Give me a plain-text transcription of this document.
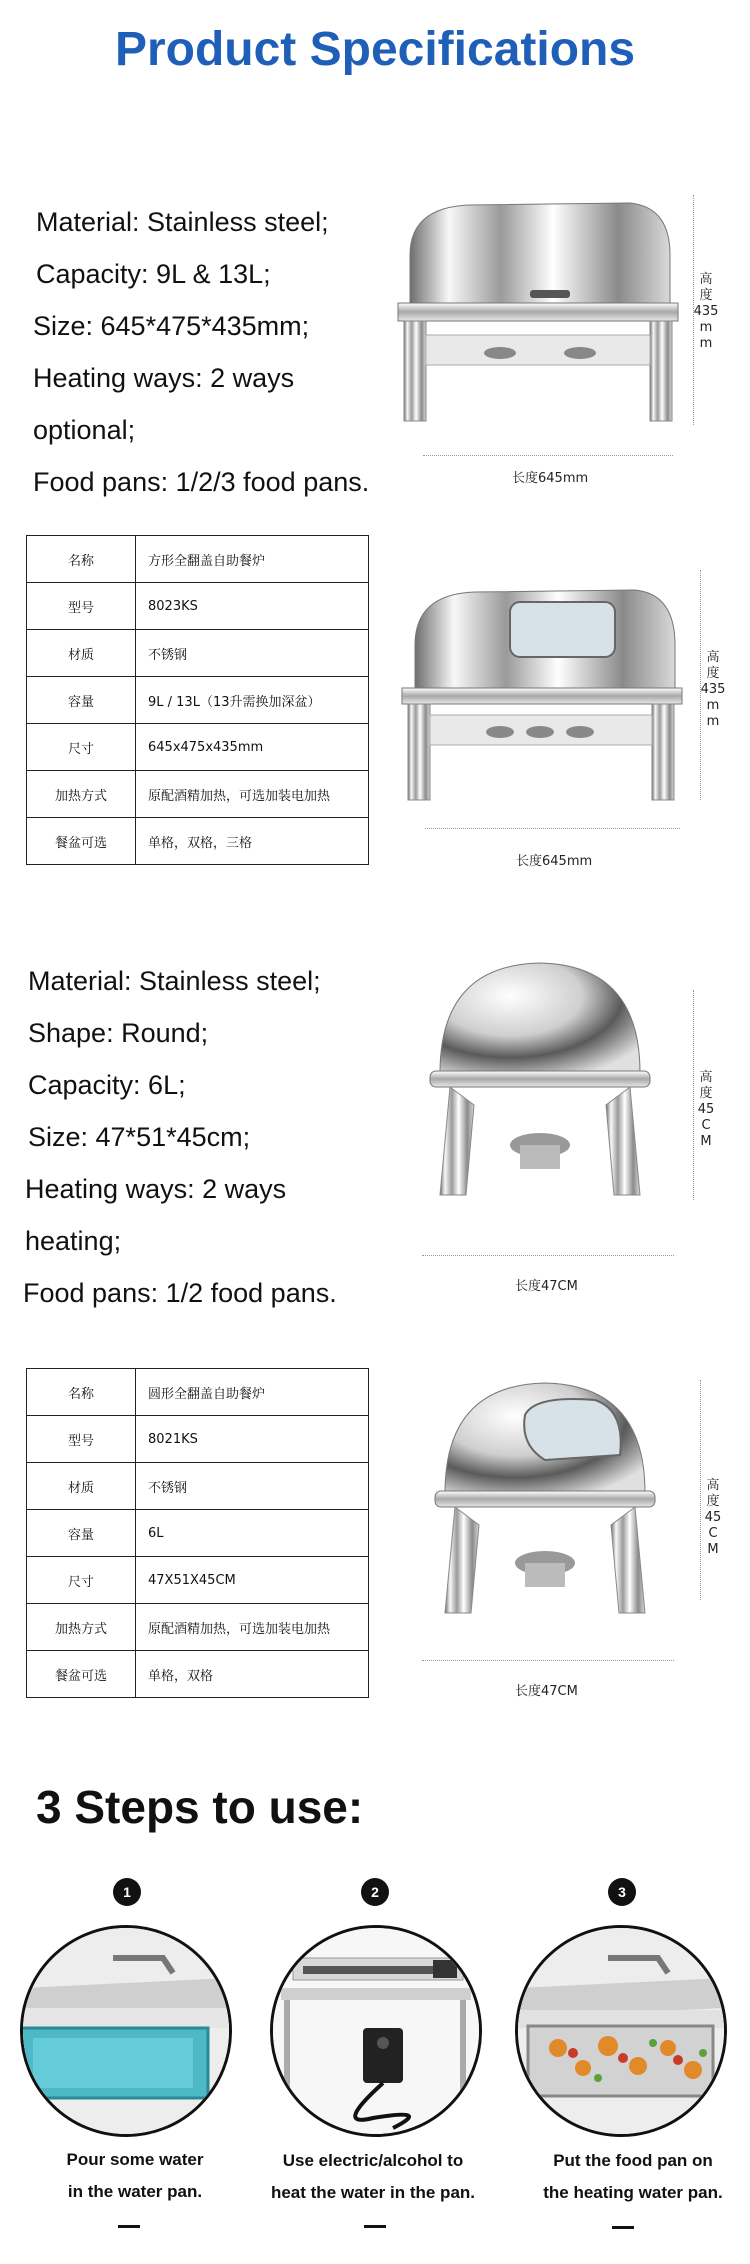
Product Specifications
Material: Stainless steel;
Capacity: 9L & 13L;
Size: 645*475*435mm;
Heating ways: 2 ways
optional;
Food pans: 1/2/3 food pans.
高
度
435
m
m
长度645mm
名称	方形全翻盖自助餐炉
型号	8023KS
材质	不锈钢
容量	9L / 13L（13升需换加深盆）
尺寸	645x475x435mm
加热方式	原配酒精加热，可选加装电加热
餐盆可选	单格，双格，三格
高
度
435
m
m
长度645mm
Material: Stainless steel;
Shape: Round;
Capacity: 6L;
Size: 47*51*45cm;
Heating ways: 2 ways
heating;
Food pans: 1/2 food pans.
高
度
45
C
M
长度47CM
名称	圆形全翻盖自助餐炉
型号	8021KS
材质	不锈钢
容量	6L
尺寸	47X51X45CM
加热方式	原配酒精加热，可选加装电加热
餐盆可选	单格，双格
高
度
45
C
M
长度47CM
3 Steps to use:
1
Pour some water
in the water pan.
2
Use electric/alcohol to
heat the water in the pan.
3
Put the food pan on
the heating water pan.
